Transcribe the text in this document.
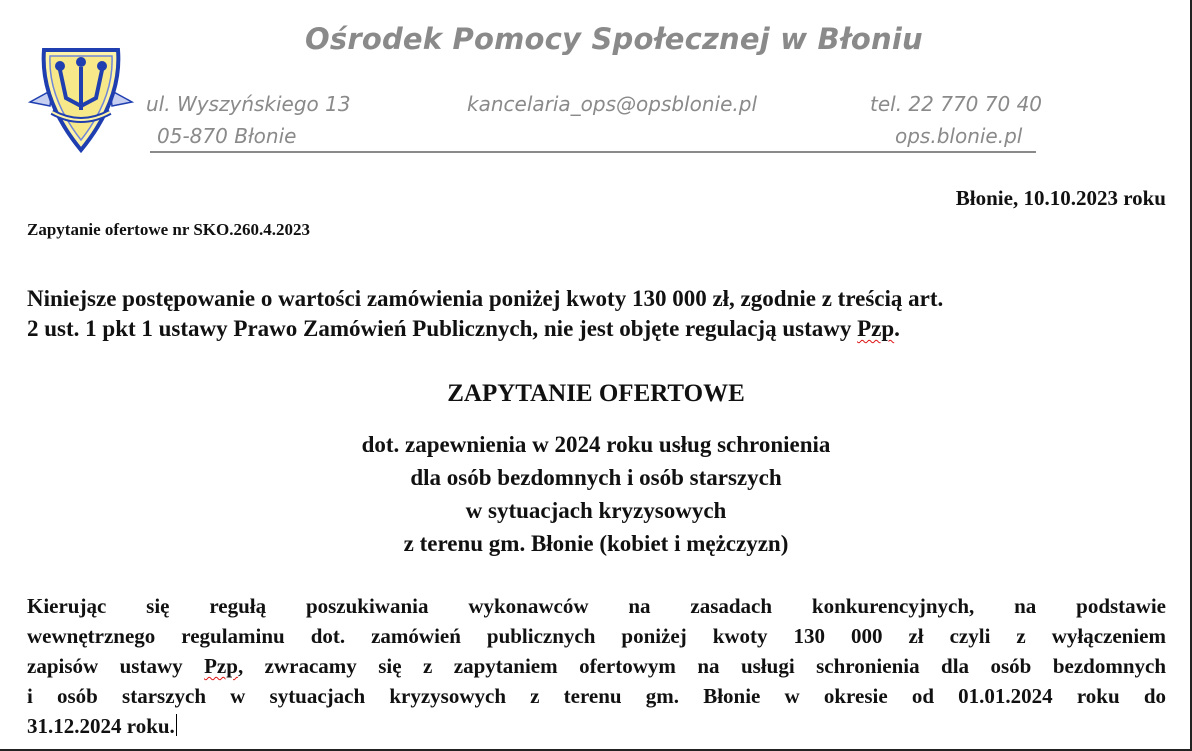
Ośrodek Pomocy Społecznej w Błoniu
ul. Wyszyńskiego 13
05-870 Błonie
kancelaria_ops@opsblonie.pl	tel. 22 770 70 40
ops.blonie.pl
Błonie, 10.10.2023 roku
Zapytanie ofertowe nr SKO.260.4.2023
Niniejsze postępowanie o wartości zamówienia poniżej kwoty 130 000 zł, zgodnie z treścią art.
2 ust. 1 pkt 1 ustawy Prawo Zamówień Publicznych, nie jest objęte regulacją ustawy Pzp.
ZAPYTANIE OFERTOWE
dot. zapewnienia w 2024 roku usług schronienia
dla osób bezdomnych i osób starszych
w sytuacjach kryzysowych
z terenu gm. Błonie (kobiet i mężczyzn)
Kierując się regułą poszukiwania wykonawców na zasadach konkurencyjnych, na podstawie
wewnętrznego regulaminu dot. zamówień publicznych poniżej kwoty 130 000 zł czyli z wyłączeniem
zapisów ustawy Pzp, zwracamy się z zapytaniem ofertowym na usługi schronienia dla osób bezdomnych
i osób starszych w sytuacjach kryzysowych z terenu gm. Błonie w okresie od 01.01.2024 roku do
31.12.2024 roku.
